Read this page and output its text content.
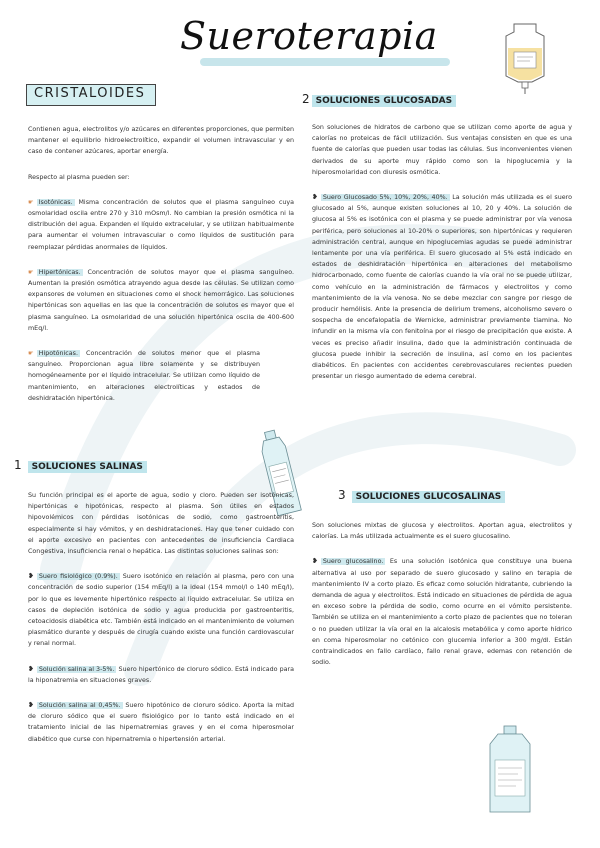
Sueroterapia
CRISTALOIDES

Contienen agua, electrolitos y/o azúcares en diferentes proporciones, que permiten mantener el equilibrio hidroelectrolítico, expandir el volumen intravascular y en caso de contener azúcares, aportar energía.

Respecto al plasma pueden ser:

☛ Isotónicas. Misma concentración de solutos que el plasma sanguíneo cuya osmolaridad oscila entre 270 y 310 mOsm/l. No cambian la presión osmótica ni la distribución del agua. Expanden el líquido extracelular, y se utilizan habitualmente para aumentar el volumen intravascular o como líquidos de sustitución para reemplazar pérdidas anormales de líquidos.

☛ Hipertónicas. Concentración de solutos mayor que el plasma sanguíneo. Aumentan la presión osmótica atrayendo agua desde las células. Se utilizan como expansores de volumen en situaciones como el shock hemorrágico. Las soluciones hipertónicas son aquellas en las que la concentración de solutos es mayor que el plasma sanguíneo. La osmolaridad de una solución hipertónica oscila de 400-600 mEq/l.

☛ Hipotónicas. Concentración de solutos menor que el plasma sanguíneo. Proporcionan agua libre solamente y se distribuyen homogéneamente por el líquido intracelular. Se utilizan como líquido de mantenimiento, en alteraciones electrolíticas y estados de deshidratación hipertónica.

1 SOLUCIONES SALINAS

Su función principal es el aporte de agua, sodio y cloro. Pueden ser isotónicas, hipertónicas e hipotónicas, respecto al plasma. Son útiles en estados hipovolémicos con pérdidas isotónicas de sodio, como gastroenteritis, especialmente si hay vómitos, y en deshidrataciones. Hay que tener cuidado con el aporte excesivo en pacientes con antecedentes de insuficiencia Cardiaca Congestiva, insuficiencia renal o hepática. Las distintas soluciones salinas son:

❥ Suero fisiológico (0.9%). Suero isotónico en relación al plasma, pero con una concentración de sodio superior (154 mEq/l) a la ideal (154 mmol/l o 140 mEq/l), por lo que es levemente hipertónico respecto al líquido extracelular. Se utiliza en casos de depleción isotónica de sodio y agua producida por gastroenteritis, cetoacidosis diabética etc. También está indicado en el mantenimiento de volumen plasmático durante y después de cirugía cuando existe una función cardiovascular y renal normal.

❥ Solución salina al 3-5%. Suero hipertónico de cloruro sódico. Está indicado para la hiponatremia en situaciones graves.

❥ Solución salina al 0,45%. Suero hipotónico de cloruro sódico. Aporta la mitad de cloruro sódico que el suero fisiológico por lo tanto está indicado en el tratamiento inicial de las hipernatremias graves y en el coma hiperosmolar diabético que curse con hipernatremia o hipertensión arterial.

2 SOLUCIONES GLUCOSADAS

Son soluciones de hidratos de carbono que se utilizan como aporte de agua y calorías no proteicas de fácil utilización. Sus ventajas consisten en que es una fuente de calorías que pueden usar todas las células. Sus inconvenientes vienen derivados de su aporte muy rápido como son la hipoglucemia y la hiperosmolaridad con diuresis osmótica.

❥ Suero Glucosado 5%, 10%, 20%, 40%. La solución más utilizada es el suero glucosado al 5%, aunque existen soluciones al 10, 20 y 40%. La solución de glucosa al 5% es isotónica con el plasma y se puede administrar por vía venosa periférica, pero soluciones al 10-20% o superiores, son hipertónicas y requieren administración central, aunque en hipoglucemias agudas se puede administrar lentamente por una vía periférica. El suero glucosado al 5% está indicado en estados de deshidratación hipertónica en alteraciones del metabolismo hidrocarbonado, como fuente de calorías cuando la vía oral no se puede utilizar, como vehículo en la administración de fármacos y electrolitos y como mantenimiento de la vía venosa. No se debe mezclar con sangre por riesgo de producir hemólisis. Ante la presencia de delirium tremens, alcoholismo severo o sospecha de encefalopatía de Wernicke, administrar previamente tiamina. No infundir en la misma vía con fenitoína por el riesgo de precipitación que existe. A veces es preciso añadir insulina, dado que la administración continuada de glucosa puede inhibir la secreción de insulina, así como en los pacientes diabéticos. En pacientes con accidentes cerebrovasculares recientes pueden presentar un riesgo aumentado de edema cerebral.

3 SOLUCIONES GLUCOSALINAS

Son soluciones mixtas de glucosa y electrolitos. Aportan agua, electrolitos y calorías. La más utilizada actualmente es el suero glucosalino.

❥ Suero glucosalino. Es una solución isotónica que constituye una buena alternativa al uso por separado de suero glucosado y salino en terapia de mantenimiento IV a corto plazo. Es eficaz como solución hidratante, cubriendo la demanda de agua y electrolitos. Está indicado en situaciones de pérdida de agua en exceso sobre la pérdida de sodio, como ocurre en el vómito persistente. También se utiliza en el mantenimiento a corto plazo de pacientes que no toleran o no pueden utilizar la vía oral en la alcalosis metabólica y como aporte hídrico en coma hiperosmolar no cetónico con glucemia inferior a 300 mg/dl. Están contraindicados en fallo cardíaco, fallo renal grave, edemas con retención de sodio.
